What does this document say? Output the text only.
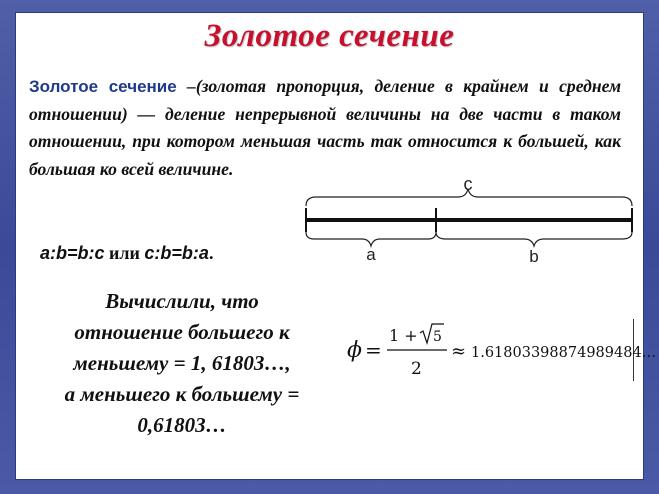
Золотое сечение
Золотое сечение –(золотая пропорция, деление в крайнем и среднем отношении) — деление непрерывной величины на две части в таком отношении, при котором меньшая часть так относится к большей, как большая ко всей величине.
c
a	b
a:b=b:c или c:b=b:a.
Вычислили, что
отношение большего к
меньшему = 1, 61803…,
а меньшего к большему =
0,61803…
ϕ =
1 + 5
2
≈ 1.61803398874989484…
